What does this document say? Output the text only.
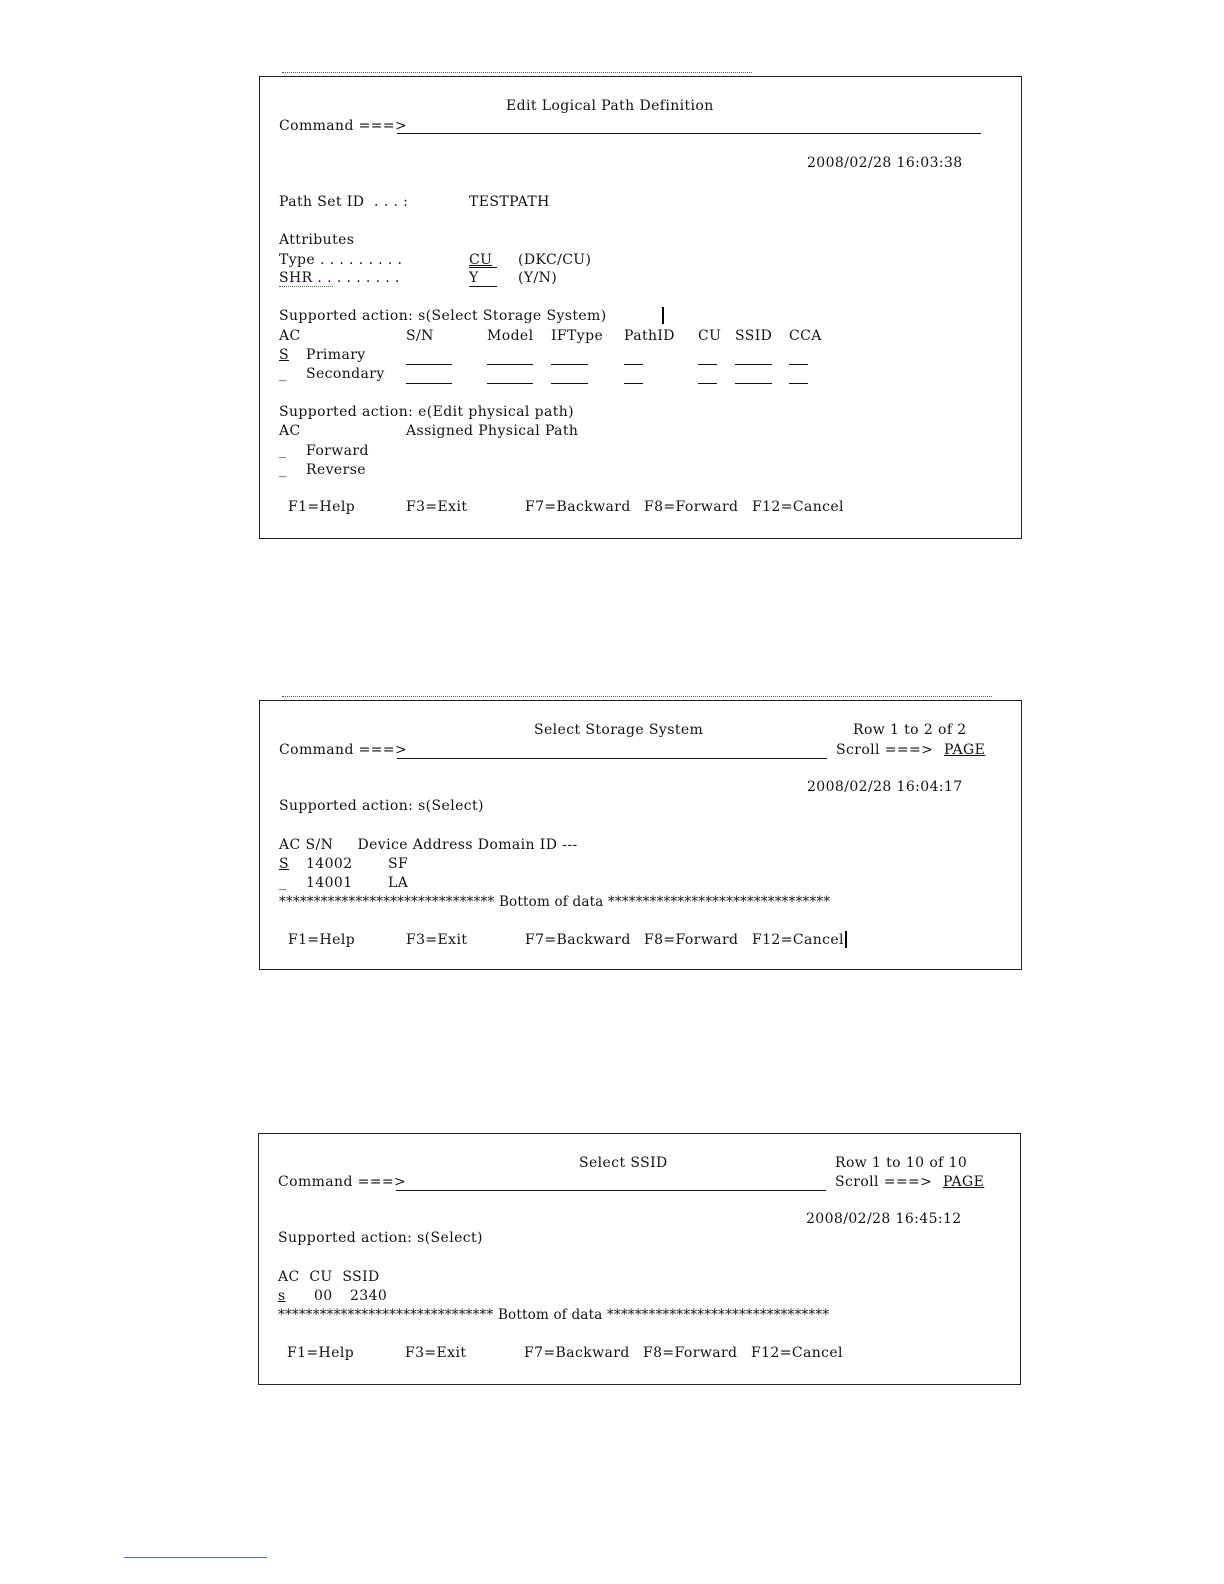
Edit Logical Path Definition
Command ===>
2008/02/28 16:03:38
Path Set ID  . . . :	TESTPATH
Attributes
Type . . . . . . . . .	CU (DKC/CU)
SHR . . . . . . . . .	Y	(Y/N)
Supported action: s(Select Storage System)
AC	S/N	Model IFType PathID CU SSID CCA
S Primary
_ Secondary
Supported action: e(Edit physical path)
AC	Assigned Physical Path
_ Forward
_ Reverse
F1=Help	F3=Exit	F7=Backward F8=Forward F12=Cancel
Select Storage System	Row 1 to 2 of 2
Command ===>	Scroll ===> PAGE
2008/02/28 16:04:17
Supported action: s(Select)
AC S/N     Device Address Domain ID ---
S 14002	SF
_ 14001	LA
******************************* Bottom of data ********************************
F1=Help	F3=Exit	F7=Backward F8=Forward F12=Cancel
Select SSID	Row 1 to 10 of 10
Command ===>	Scroll ===> PAGE
2008/02/28 16:45:12
Supported action: s(Select)
AC  CU  SSID
s 00 2340
******************************* Bottom of data ********************************
F1=Help	F3=Exit	F7=Backward F8=Forward F12=Cancel
